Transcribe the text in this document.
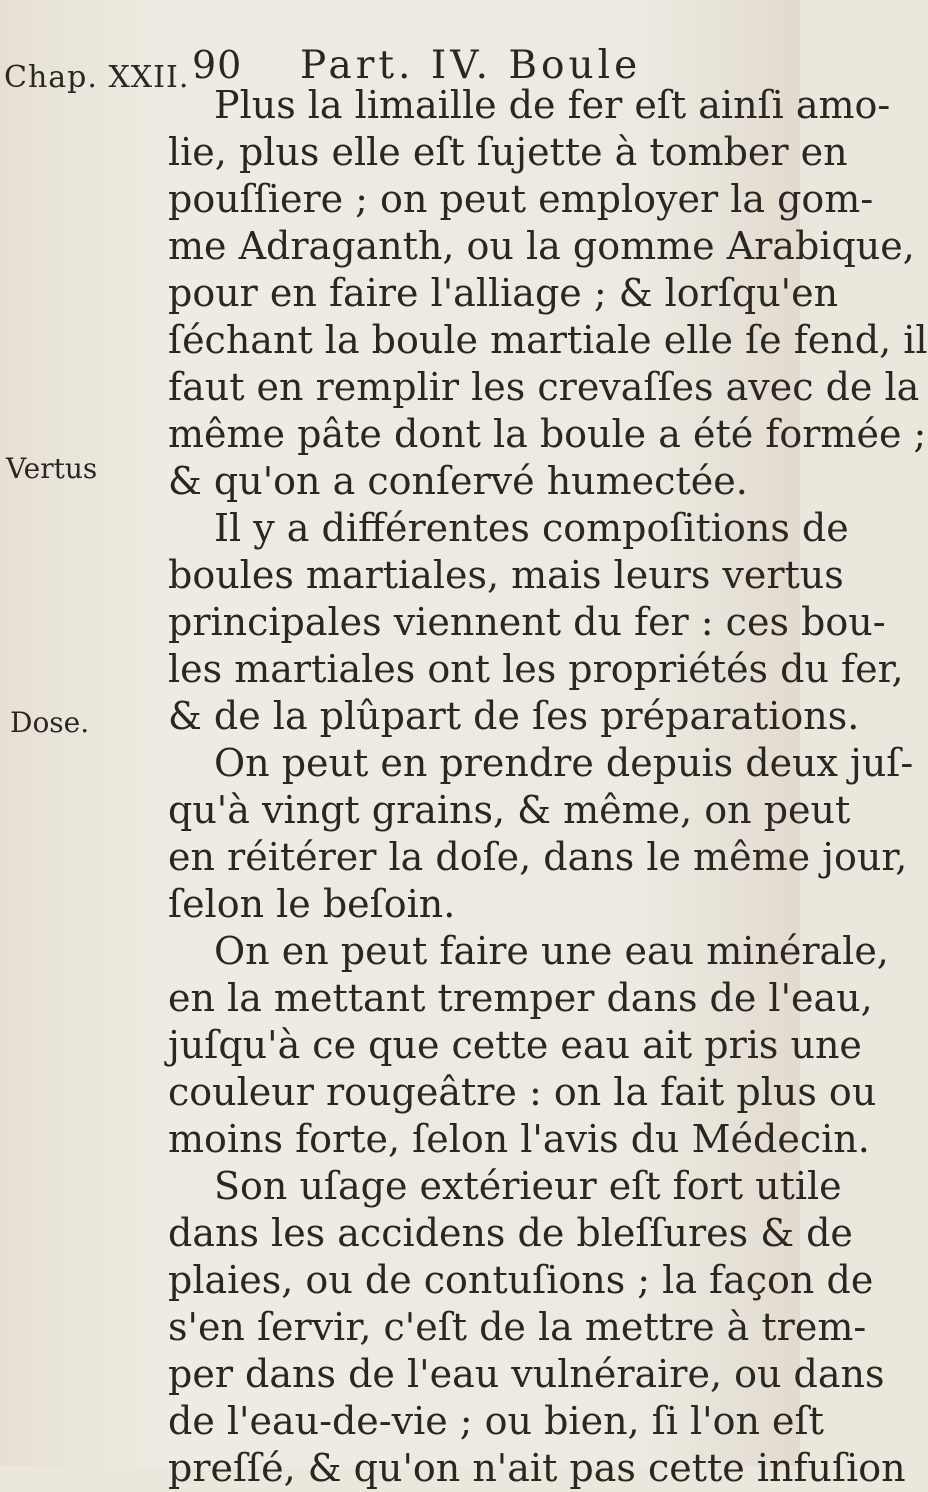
90 Part. IV. Boule
Chap. XXII.
Vertus
Dose.
Plus la limaille de fer eſt ainſi amo-
lie, plus elle eſt ſujette à tomber en
pouſſiere ; on peut employer la gom-
me Adraganth, ou la gomme Arabique,
pour en faire l'alliage ; & lorſqu'en
ſéchant la boule martiale elle ſe fend, il
faut en remplir les crevaſſes avec de la
même pâte dont la boule a été formée ;
& qu'on a conſervé humectée.
Il y a différentes compoſitions de
boules martiales, mais leurs vertus
principales viennent du fer : ces bou-
les martiales ont les propriétés du fer,
& de la plûpart de ſes préparations.
On peut en prendre depuis deux juſ-
qu'à vingt grains, & même, on peut
en réitérer la doſe, dans le même jour,
ſelon le beſoin.
On en peut faire une eau minérale,
en la mettant tremper dans de l'eau,
juſqu'à ce que cette eau ait pris une
couleur rougeâtre : on la fait plus ou
moins forte, ſelon l'avis du Médecin.
Son uſage extérieur eſt fort utile
dans les accidens de bleſſures & de
plaies, ou de contuſions ; la façon de
s'en ſervir, c'eſt de la mettre à trem-
per dans de l'eau vulnéraire, ou dans
de l'eau-de-vie ; ou bien, ſi l'on eſt
preſſé, & qu'on n'ait pas cette infuſion
